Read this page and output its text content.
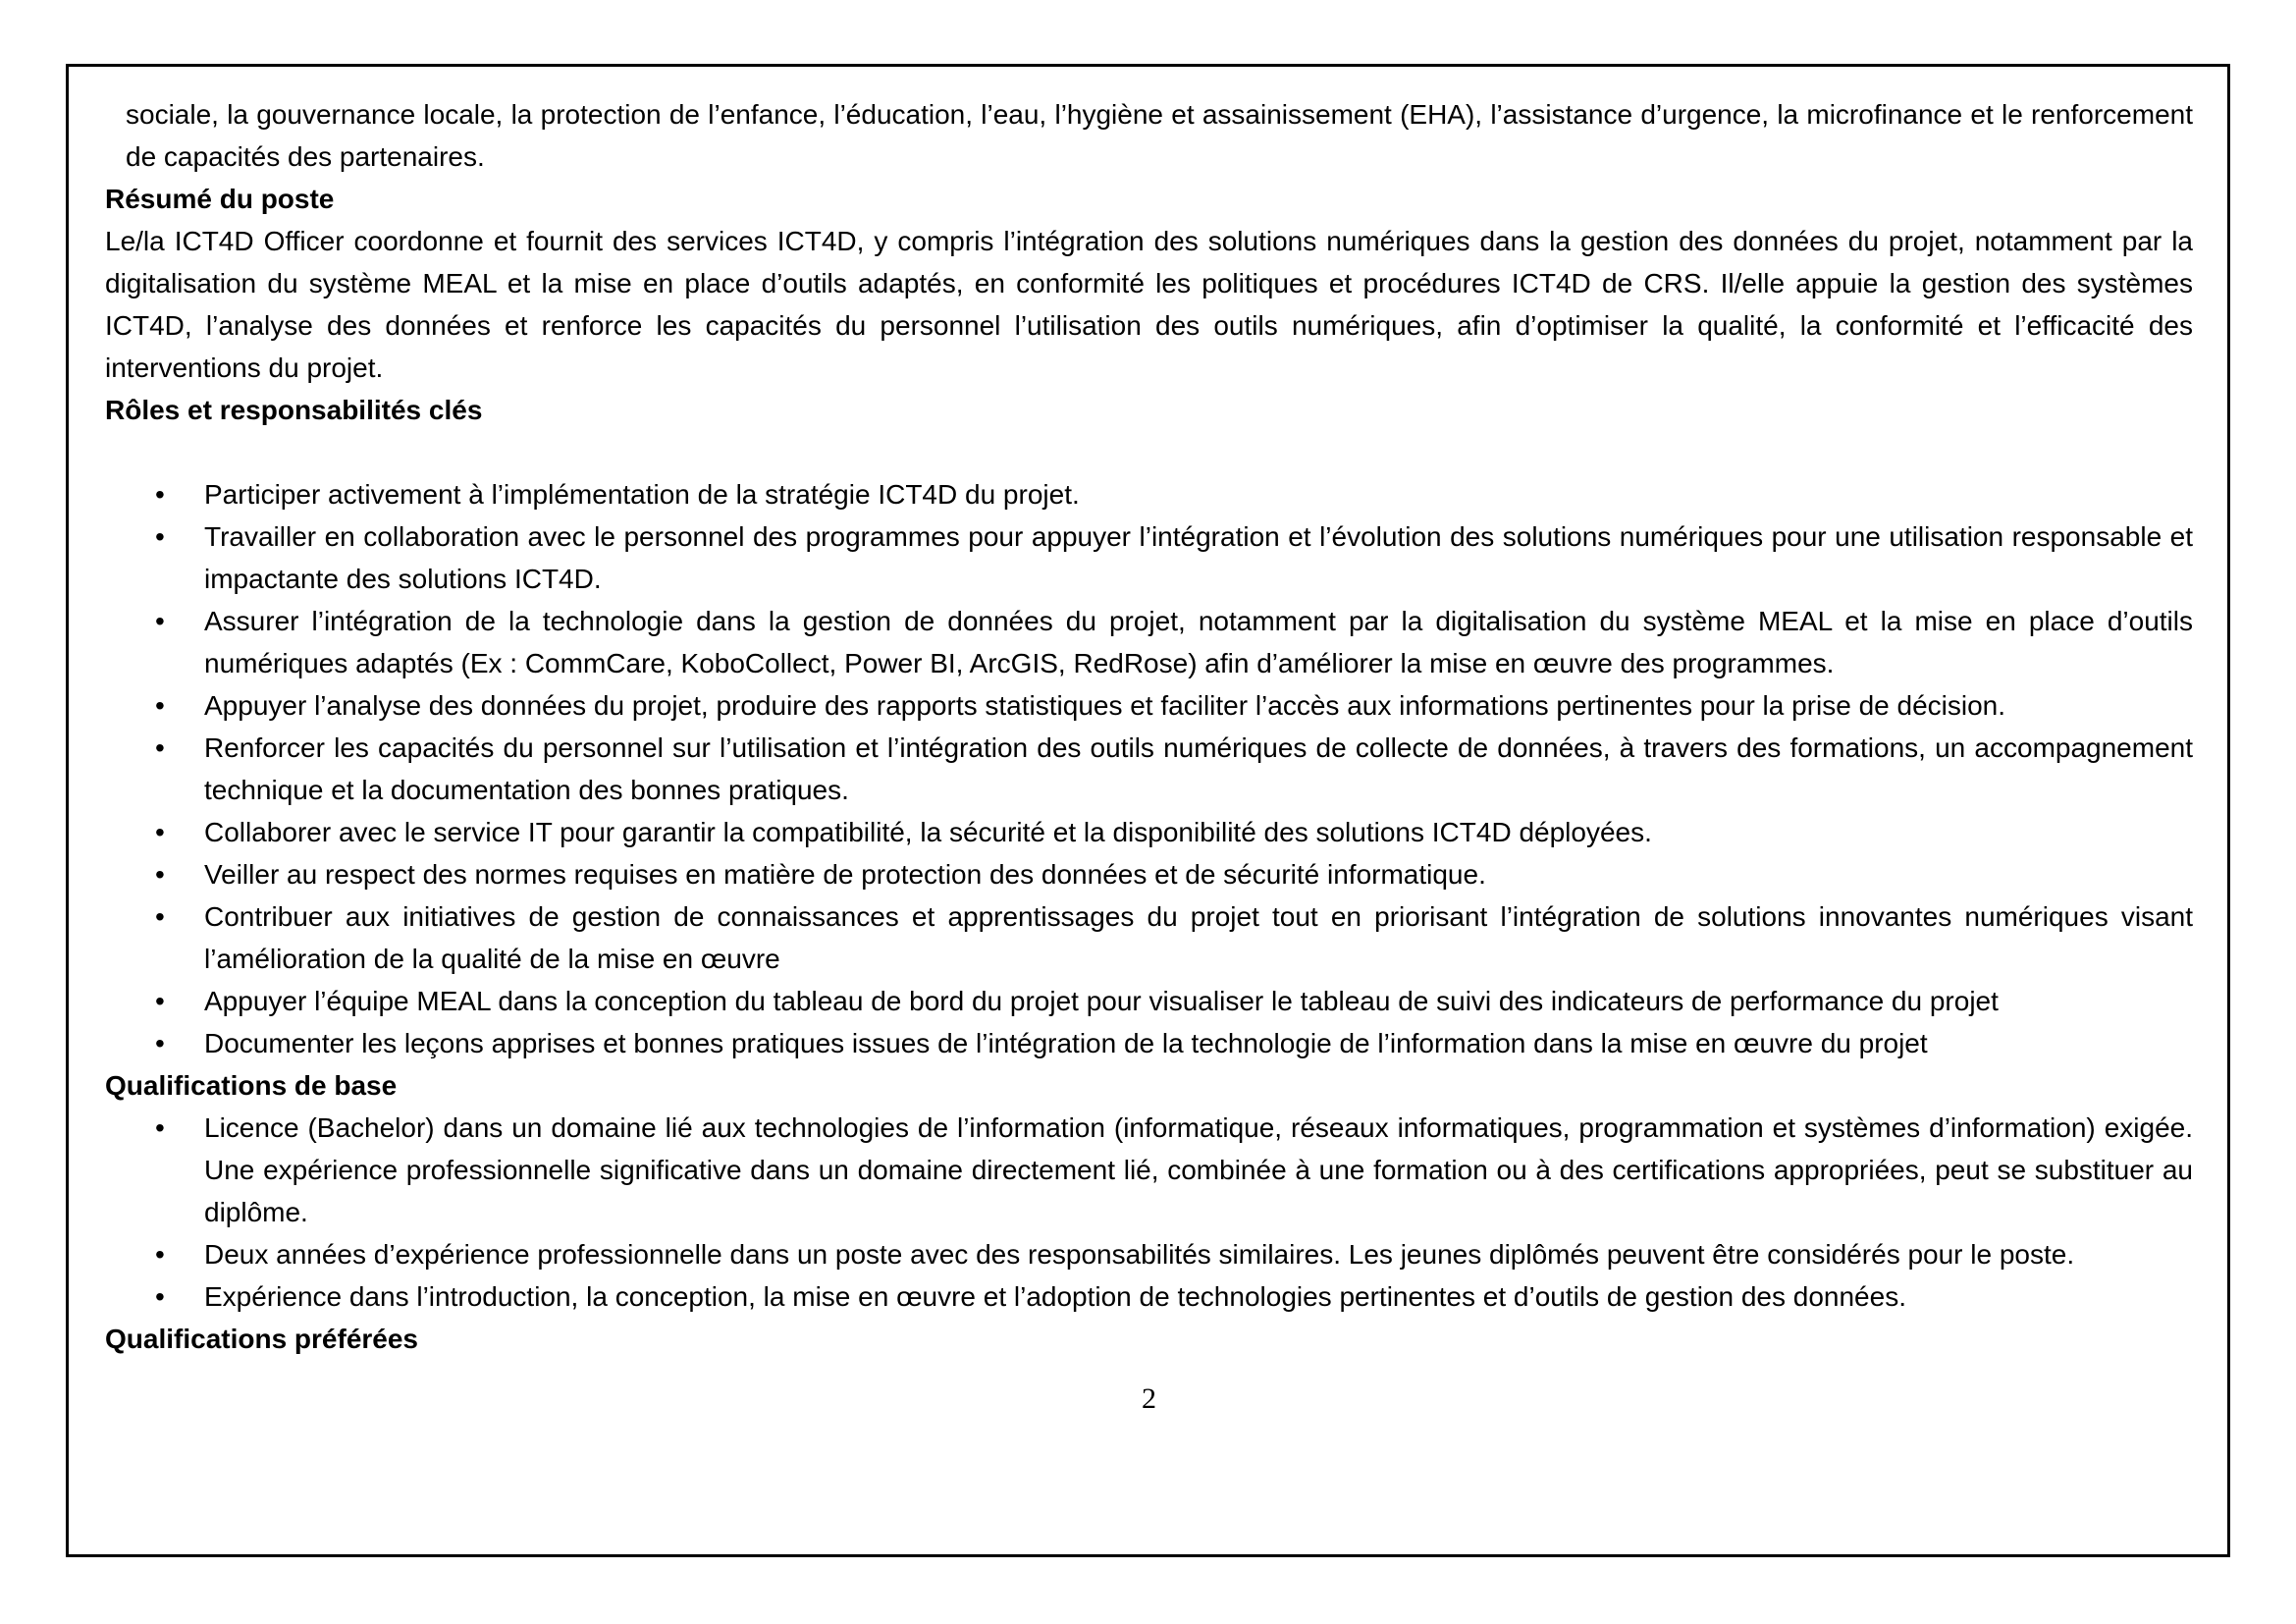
sociale, la gouvernance locale, la protection de l’enfance, l’éducation, l’eau, l’hygiène et assainissement (EHA), l’assistance d’urgence, la microfinance et le renforcement de capacités des partenaires.

Résumé du poste

Le/la ICT4D Officer coordonne et fournit des services ICT4D, y compris l’intégration des solutions numériques dans la gestion des données du projet, notamment par la digitalisation du système MEAL et la mise en place d’outils adaptés, en conformité les politiques et procédures ICT4D de CRS. Il/elle appuie la gestion des systèmes ICT4D, l’analyse des données et renforce les capacités du personnel l’utilisation des outils numériques, afin d’optimiser la qualité, la conformité et l’efficacité des interventions du projet.

Rôles et responsabilités clés
• Participer activement à l’implémentation de la stratégie ICT4D du projet.
• Travailler en collaboration avec le personnel des programmes pour appuyer l’intégration et l’évolution des solutions numériques pour une utilisation responsable et impactante des solutions ICT4D.
• Assurer l’intégration de la technologie dans la gestion de données du projet, notamment par la digitalisation du système MEAL et la mise en place d’outils numériques adaptés (Ex : CommCare, KoboCollect, Power BI, ArcGIS, RedRose) afin d’améliorer la mise en œuvre des programmes.
• Appuyer l’analyse des données du projet, produire des rapports statistiques et faciliter l’accès aux informations pertinentes pour la prise de décision.
• Renforcer les capacités du personnel sur l’utilisation et l’intégration des outils numériques de collecte de données, à travers des formations, un accompagnement technique et la documentation des bonnes pratiques.
• Collaborer avec le service IT pour garantir la compatibilité, la sécurité et la disponibilité des solutions ICT4D déployées.
• Veiller au respect des normes requises en matière de protection des données et de sécurité informatique.
• Contribuer aux initiatives de gestion de connaissances et apprentissages du projet tout en priorisant l’intégration de solutions innovantes numériques visant l’amélioration de la qualité de la mise en œuvre
• Appuyer l’équipe MEAL dans la conception du tableau de bord du projet pour visualiser le tableau de suivi des indicateurs de performance du projet
• Documenter les leçons apprises et bonnes pratiques issues de l’intégration de la technologie de l’information dans la mise en œuvre du projet
Qualifications de base
• Licence (Bachelor) dans un domaine lié aux technologies de l’information (informatique, réseaux informatiques, programmation et systèmes d’information) exigée. Une expérience professionnelle significative dans un domaine directement lié, combinée à une formation ou à des certifications appropriées, peut se substituer au diplôme.
• Deux années d’expérience professionnelle dans un poste avec des responsabilités similaires. Les jeunes diplômés peuvent être considérés pour le poste.
• Expérience dans l’introduction, la conception, la mise en œuvre et l’adoption de technologies pertinentes et d’outils de gestion des données.
Qualifications préférées
2
